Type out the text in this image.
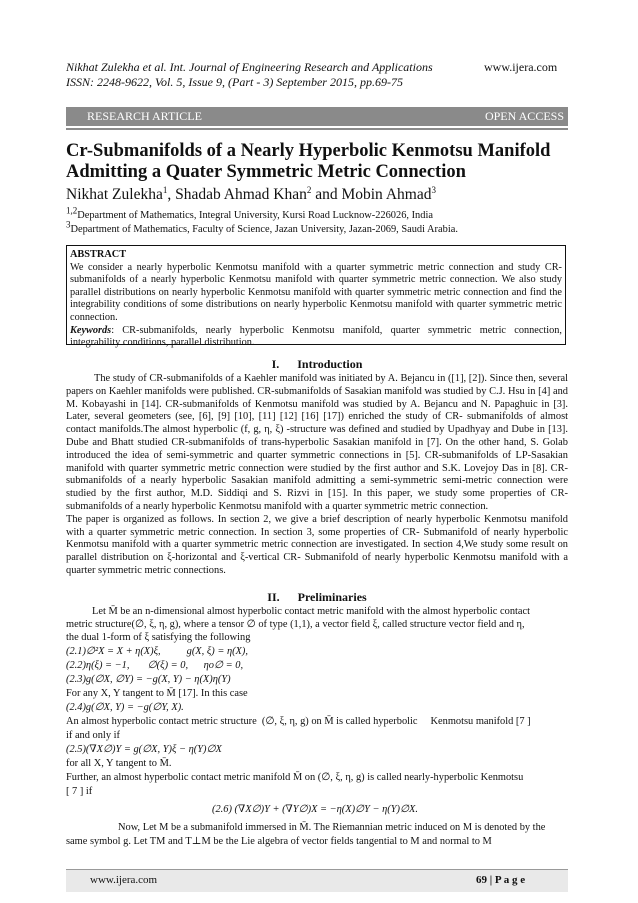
Nikhat Zulekha et al. Int. Journal of Engineering Research and Applications	www.ijera.com
ISSN: 2248-9622, Vol. 5, Issue 9, (Part - 3) September 2015, pp.69-75
RESEARCH ARTICLE	OPEN ACCESS
Cr-Submanifolds of a Nearly Hyperbolic Kenmotsu Manifold Admitting a Quater Symmetric Metric Connection
Nikhat Zulekha$^1$, Shadab Ahmad Khan$^2$ and Mobin Ahmad$^3$
$^{1,2}$Department of Mathematics, Integral University, Kursi Road Lucknow-226026, India
$^3$Department of Mathematics, Faculty of Science, Jazan University, Jazan-2069, Saudi Arabia.
ABSTRACT
We consider a nearly hyperbolic Kenmotsu manifold with a quarter symmetric metric connection and study CR-submanifolds of a nearly hyperbolic Kenmotsu manifold with quarter symmetric metric connection. We also study parallel distributions on nearly hyperbolic Kenmotsu manifold with quarter symmetric metric connection and find the integrability conditions of some distributions on nearly hyperbolic Kenmotsu manifold with quarter symmetric metric connection.
Keywords: CR-submanifolds, nearly hyperbolic Kenmotsu manifold, quarter symmetric metric connection, integrability conditions, parallel distribution.
I.      Introduction
The study of CR-submanifolds of a Kaehler manifold was initiated by A. Bejancu in ([1], [2]). Since then, several papers on Kaehler manifolds were published. CR-submanifolds of Sasakian manifold was studied by C.J. Hsu in [4] and M. Kobayashi in [14]. CR-submanifolds of Kenmotsu manifold was studied by A. Bejancu and N. Papaghuic in [3]. Later, several geometers (see, [6], [9] [10], [11] [12] [16] [17]) enriched the study of CR- submanifolds of almost contact manifolds.The almost hyperbolic (f, g, η, ξ) -structure was defined and studied by Upadhyay and Dube in [13]. Dube and Bhatt studied CR-submanifolds of trans-hyperbolic Sasakian manifold in [7]. On the other hand, S. Golab introduced the idea of semi-symmetric and quarter symmetric connections in [5]. CR-submanifolds of LP-Sasakian manifold with quarter symmetric metric connection were studied by the first author and S.K. Lovejoy Das in [8]. CR-submanifolds of a nearly hyperbolic Sasakian manifold admitting a semi-symmetric semi-metric connection were studied by the first author, M.D. Siddiqi and S. Rizvi in [15]. In this paper, we study some properties of CR-submanifolds of a nearly hyperbolic Kenmotsu manifold with a quarter symmetric metric connection.
The paper is organized as follows. In section 2, we give a brief description of nearly hyperbolic Kenmotsu manifold with a quarter symmetric metric connection. In section 3, some properties of CR- Submanifold of nearly hyperbolic Kenmotsu manifold with a quarter symmetric metric connection are investigated. In section 4,We study some result on parallel distribution on ξ-horizontal and ξ-vertical CR- Submanifold of nearly hyperbolic Kenmotsu manifold with a quarter symmetric metric connections.
II.      Preliminaries
Let M̄ be an n-dimensional almost hyperbolic contact metric manifold with the almost hyperbolic contact
metric structure(∅, ξ, η, g), where a tensor ∅ of type (1,1), a vector field ξ, called structure vector field and η,
the dual 1-form of ξ satisfying the following
(2.1)∅²X = X + η(X)ξ,          g(X, ξ) = η(X),
(2.2)η(ξ) = −1,       ∅(ξ) = 0,      ηo∅ = 0,
(2.3)g(∅X, ∅Y) = −g(X, Y) − η(X)η(Y)
For any X, Y tangent to M̄ [17]. In this case
(2.4)g(∅X, Y) = −g(∅Y, X).
An almost hyperbolic contact metric structure  (∅, ξ, η, g) on M̄ is called hyperbolic     Kenmotsu manifold [7 ]
if and only if
(2.5)(∇X∅)Y = g(∅X, Y)ξ − η(Y)∅X
for all X, Y tangent to M̄.
Further, an almost hyperbolic contact metric manifold M̄ on (∅, ξ, η, g) is called nearly-hyperbolic Kenmotsu
[ 7 ] if
(2.6) (∇X∅)Y + (∇Y∅)X = −η(X)∅Y − η(Y)∅X.
Now, Let M be a submanifold immersed in M̄. The Riemannian metric induced on M is denoted by the
same symbol g. Let TM and T⊥M be the Lie algebra of vector fields tangential to M and normal to M
www.ijera.com	69 | P a g e
